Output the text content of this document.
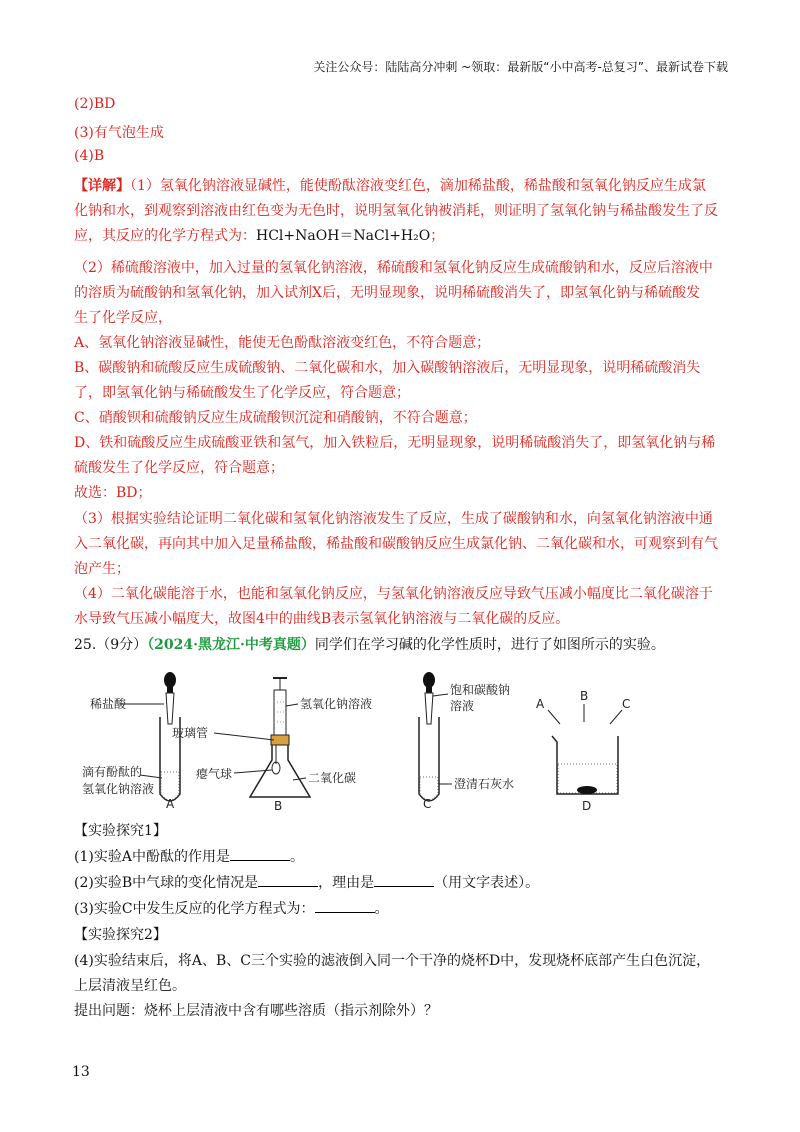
关注公众号：陆陆高分冲刺 ~领取：最新版“小中高考-总复习”、最新试卷下载
(2)BD
(3)有气泡生成
(4)B
【详解】（1）氢氧化钠溶液显碱性，能使酚酞溶液变红色，滴加稀盐酸，稀盐酸和氢氧化钠反应生成氯
化钠和水，到观察到溶液由红色变为无色时，说明氢氧化钠被消耗，则证明了氢氧化钠与稀盐酸发生了反
应，其反应的化学方程式为：HCl+NaOH＝NaCl+H₂O；
（2）稀硫酸溶液中，加入过量的氢氧化钠溶液，稀硫酸和氢氧化钠反应生成硫酸钠和水，反应后溶液中
的溶质为硫酸钠和氢氧化钠，加入试剂X后，无明显现象，说明稀硫酸消失了，即氢氧化钠与稀硫酸发
生了化学反应，
A、氢氧化钠溶液显碱性，能使无色酚酞溶液变红色，不符合题意；
B、碳酸钠和硫酸反应生成硫酸钠、二氧化碳和水，加入碳酸钠溶液后，无明显现象，说明稀硫酸消失
了，即氢氧化钠与稀硫酸发生了化学反应，符合题意；
C、硝酸钡和硫酸钠反应生成硫酸钡沉淀和硝酸钠，不符合题意；
D、铁和硫酸反应生成硫酸亚铁和氢气，加入铁粒后，无明显现象，说明稀硫酸消失了，即氢氧化钠与稀
硫酸发生了化学反应，符合题意；
故选：BD；
（3）根据实验结论证明二氧化碳和氢氧化钠溶液发生了反应，生成了碳酸钠和水，向氢氧化钠溶液中通
入二氧化碳，再向其中加入足量稀盐酸，稀盐酸和碳酸钠反应生成氯化钠、二氧化碳和水，可观察到有气
泡产生；
（4）二氧化碳能溶于水，也能和氢氧化钠反应，与氢氧化钠溶液反应导致气压减小幅度比二氧化碳溶于
水导致气压减小幅度大，故图4中的曲线B表示氢氧化钠溶液与二氧化碳的反应。
25.（9分）（2024·黑龙江·中考真题）同学们在学习碱的化学性质时，进行了如图所示的实验。
稀盐酸
滴有酚酞的
氢氧化钠溶液
A
玻璃管
瘪气球
氢氧化钠溶液
二氧化碳
B
饱和碳酸钠
溶液
澄清石灰水
C
A
B
C
D
【实验探究1】
(1)实验A中酚酞的作用是	。
(2)实验B中气球的变化情况是	，理由是	（用文字表述）。
(3)实验C中发生反应的化学方程式为：	。
【实验探究2】
(4)实验结束后，将A、B、C三个实验的滤液倒入同一个干净的烧杯D中，发现烧杯底部产生白色沉淀，
上层清液呈红色。
提出问题：烧杯上层清液中含有哪些溶质（指示剂除外）？
13
